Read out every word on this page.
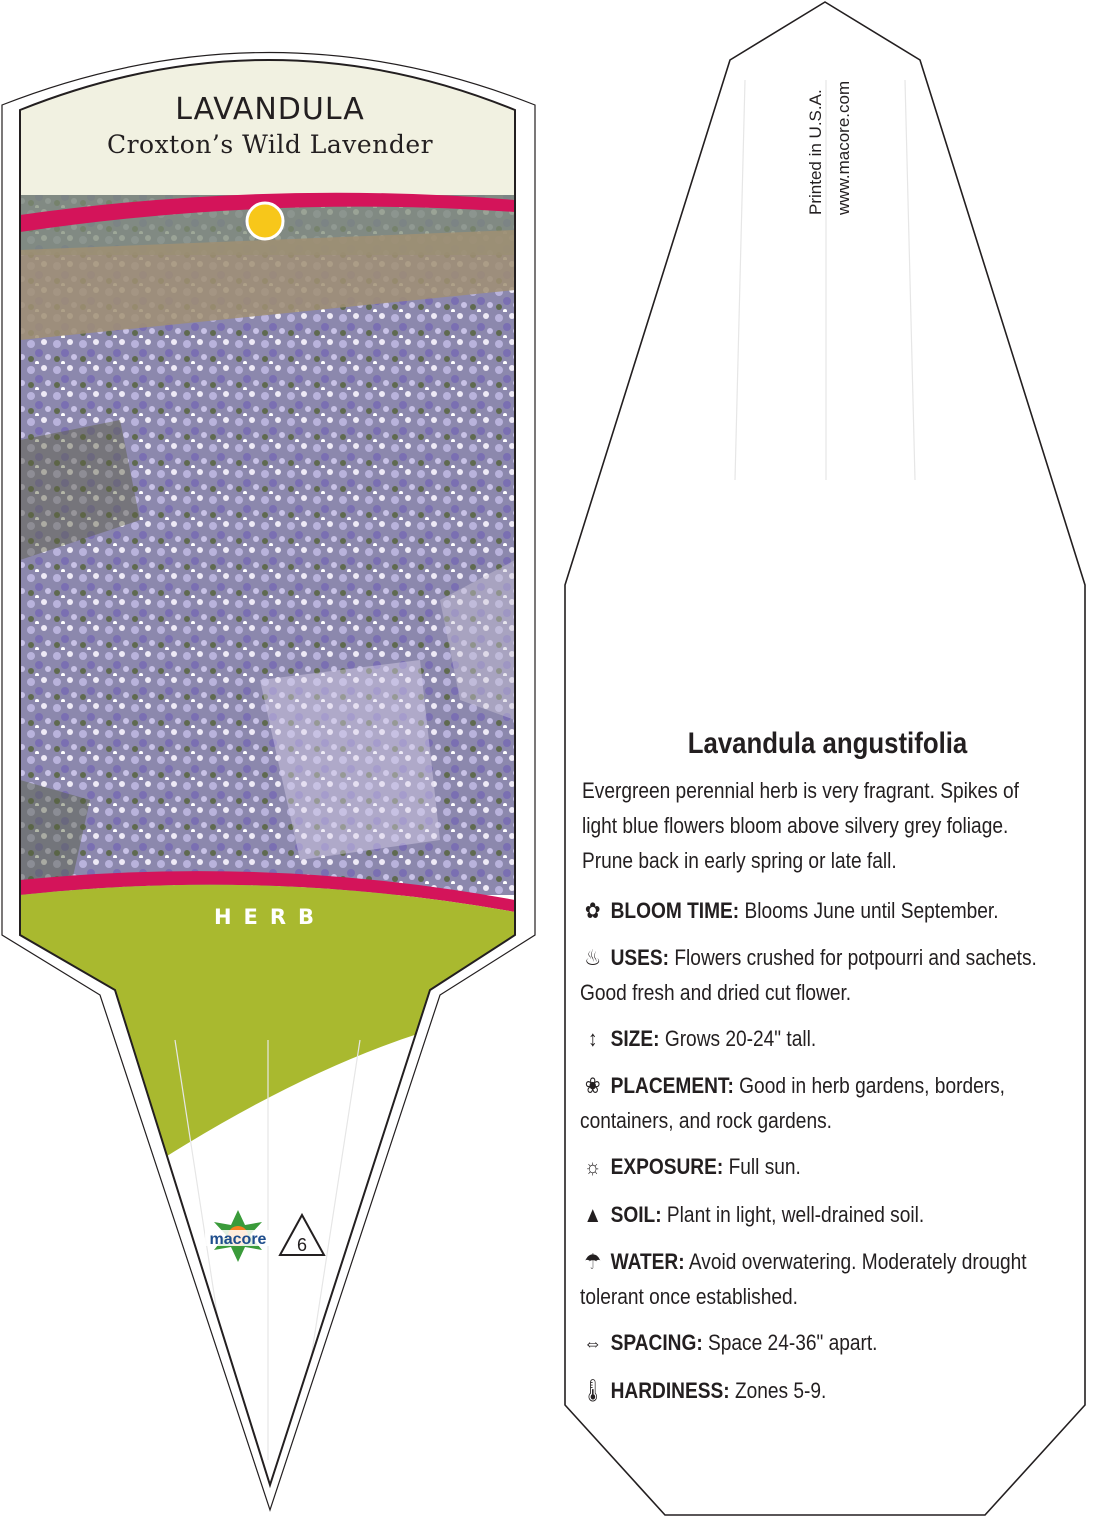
macore 6
LAVANDULA
Croxton’s Wild Lavender
HERB
Printed in U.S.A. www.macore.com
Lavandula angustifolia
Evergreen perennial herb is very fragrant. Spikes of light blue flowers bloom above silvery grey foliage. Prune back in early spring or late fall.
✿ BLOOM TIME: Blooms June until September.
♨ USES: Flowers crushed for potpourri and sachets. Good fresh and dried cut flower.
↕ SIZE: Grows 20-24" tall.
❀ PLACEMENT: Good in herb gardens, borders, containers, and rock gardens.
☼ EXPOSURE: Full sun.
▲ SOIL: Plant in light, well-drained soil.
☂ WATER: Avoid overwatering. Moderately drought tolerant once established.
⇔ SPACING: Space 24-36" apart.
🌡 HARDINESS: Zones 5-9.
